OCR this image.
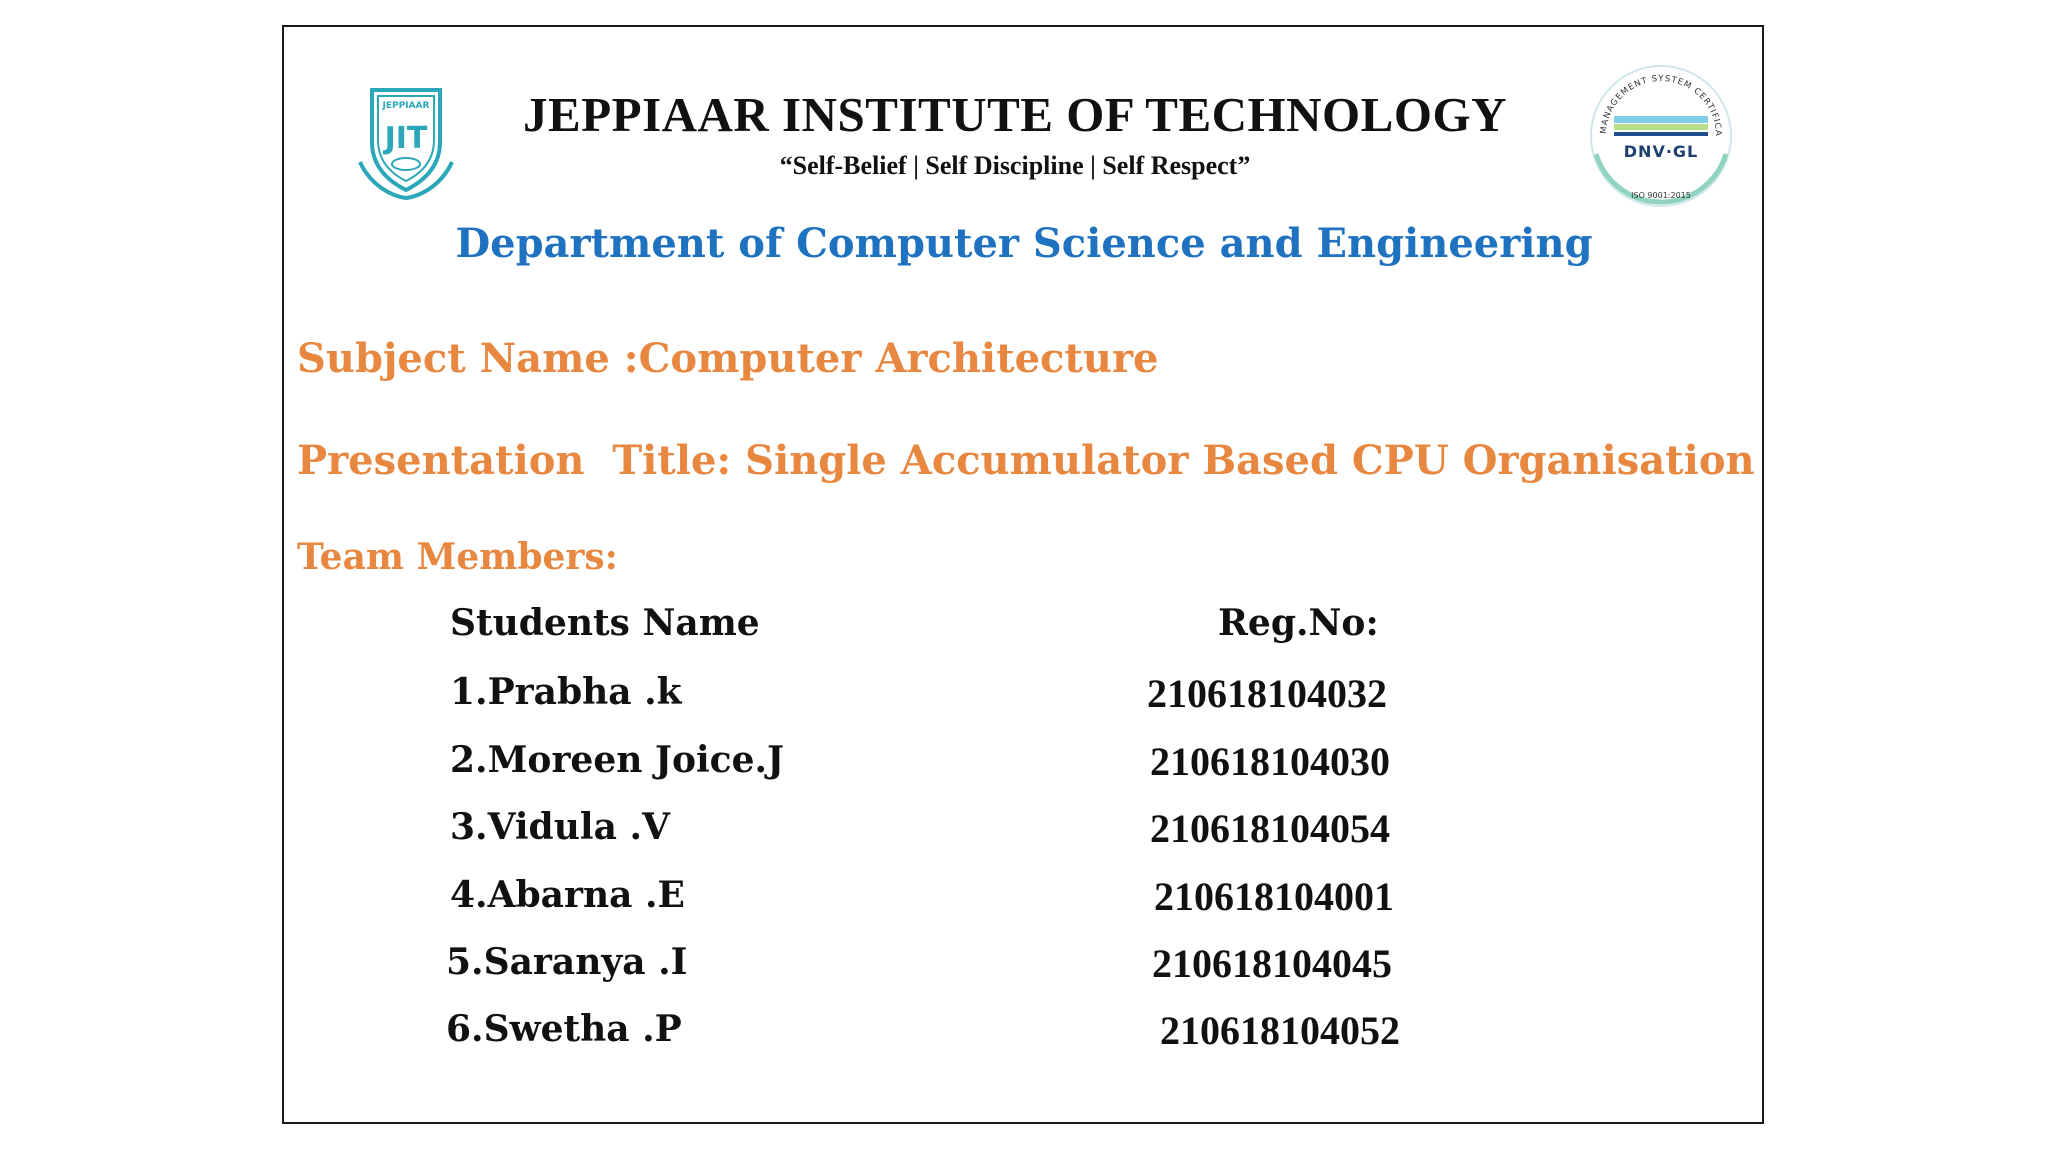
JEPPIAAR
JIT	JEPPIAAR INSTITUTE OF TECHNOLOGY
“Self-Belief | Self Discipline | Self Respect”
MANAGEMENT SYSTEM CERTIFICA
DNV·GL
ISO 9001:2015
Department of Computer Science and Engineering
Subject Name :Computer Architecture
Presentation  Title: Single Accumulator Based CPU Organisation
Team Members:
Students Name	Reg.No:
1.Prabha .k	210618104032
2.Moreen Joice.J	210618104030
3.Vidula .V	210618104054
4.Abarna .E	210618104001
5.Saranya .I	210618104045
6.Swetha .P	210618104052
